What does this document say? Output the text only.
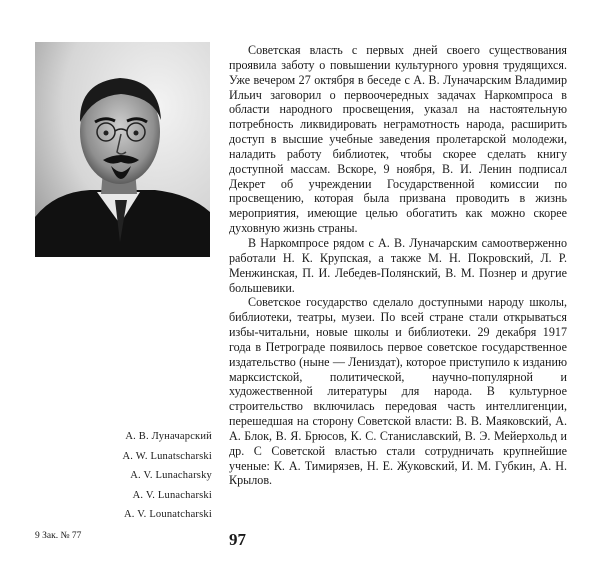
А. В. Луначарский
A. W. Lunatscharski
A. V. Lunacharsky
A. V. Lunacharski
A. V. Lounatcharski

Советская власть с первых дней своего существования проявила заботу о повышении культурного уровня трудящихся. Уже вечером 27 октября в беседе с А. В. Луначарским Владимир Ильич заговорил о первоочередных задачах Наркомпроса в области народного просвещения, указал на настоятельную потребность ликвидировать неграмотность народа, расширить доступ в высшие учебные заведения пролетарской молодежи, наладить работу библиотек, чтобы скорее сделать книгу доступной массам. Вскоре, 9 ноября, В. И. Ленин подписал Декрет об учреждении Государственной комиссии по просвещению, которая была призвана проводить в жизнь мероприятия, имеющие целью обогатить как можно скорее духовную жизнь страны.

В Наркомпросе рядом с А. В. Луначарским самоотверженно работали Н. К. Крупская, а также М. Н. Покровский, Л. Р. Менжинская, П. И. Лебедев-Полянский, В. М. Познер и другие большевики.

Советское государство сделало доступными народу школы, библиотеки, театры, музеи. По всей стране стали открываться избы-читальни, новые школы и библиотеки. 29 декабря 1917 года в Петрограде появилось первое советское государственное издательство (ныне — Лениздат), которое приступило к изданию марксистской, политической, научно-популярной и художественной литературы для народа. В культурное строительство включилась передовая часть интеллигенции, перешедшая на сторону Советской власти: В. В. Маяковский, А. А. Блок, В. Я. Брюсов, К. С. Станиславский, В. Э. Мейерхольд и др. С Советской властью стали сотрудничать крупнейшие ученые: К. А. Тимирязев, Н. Е. Жуковский, И. М. Губкин, А. Н. Крылов.

9 Зак. № 77	97
